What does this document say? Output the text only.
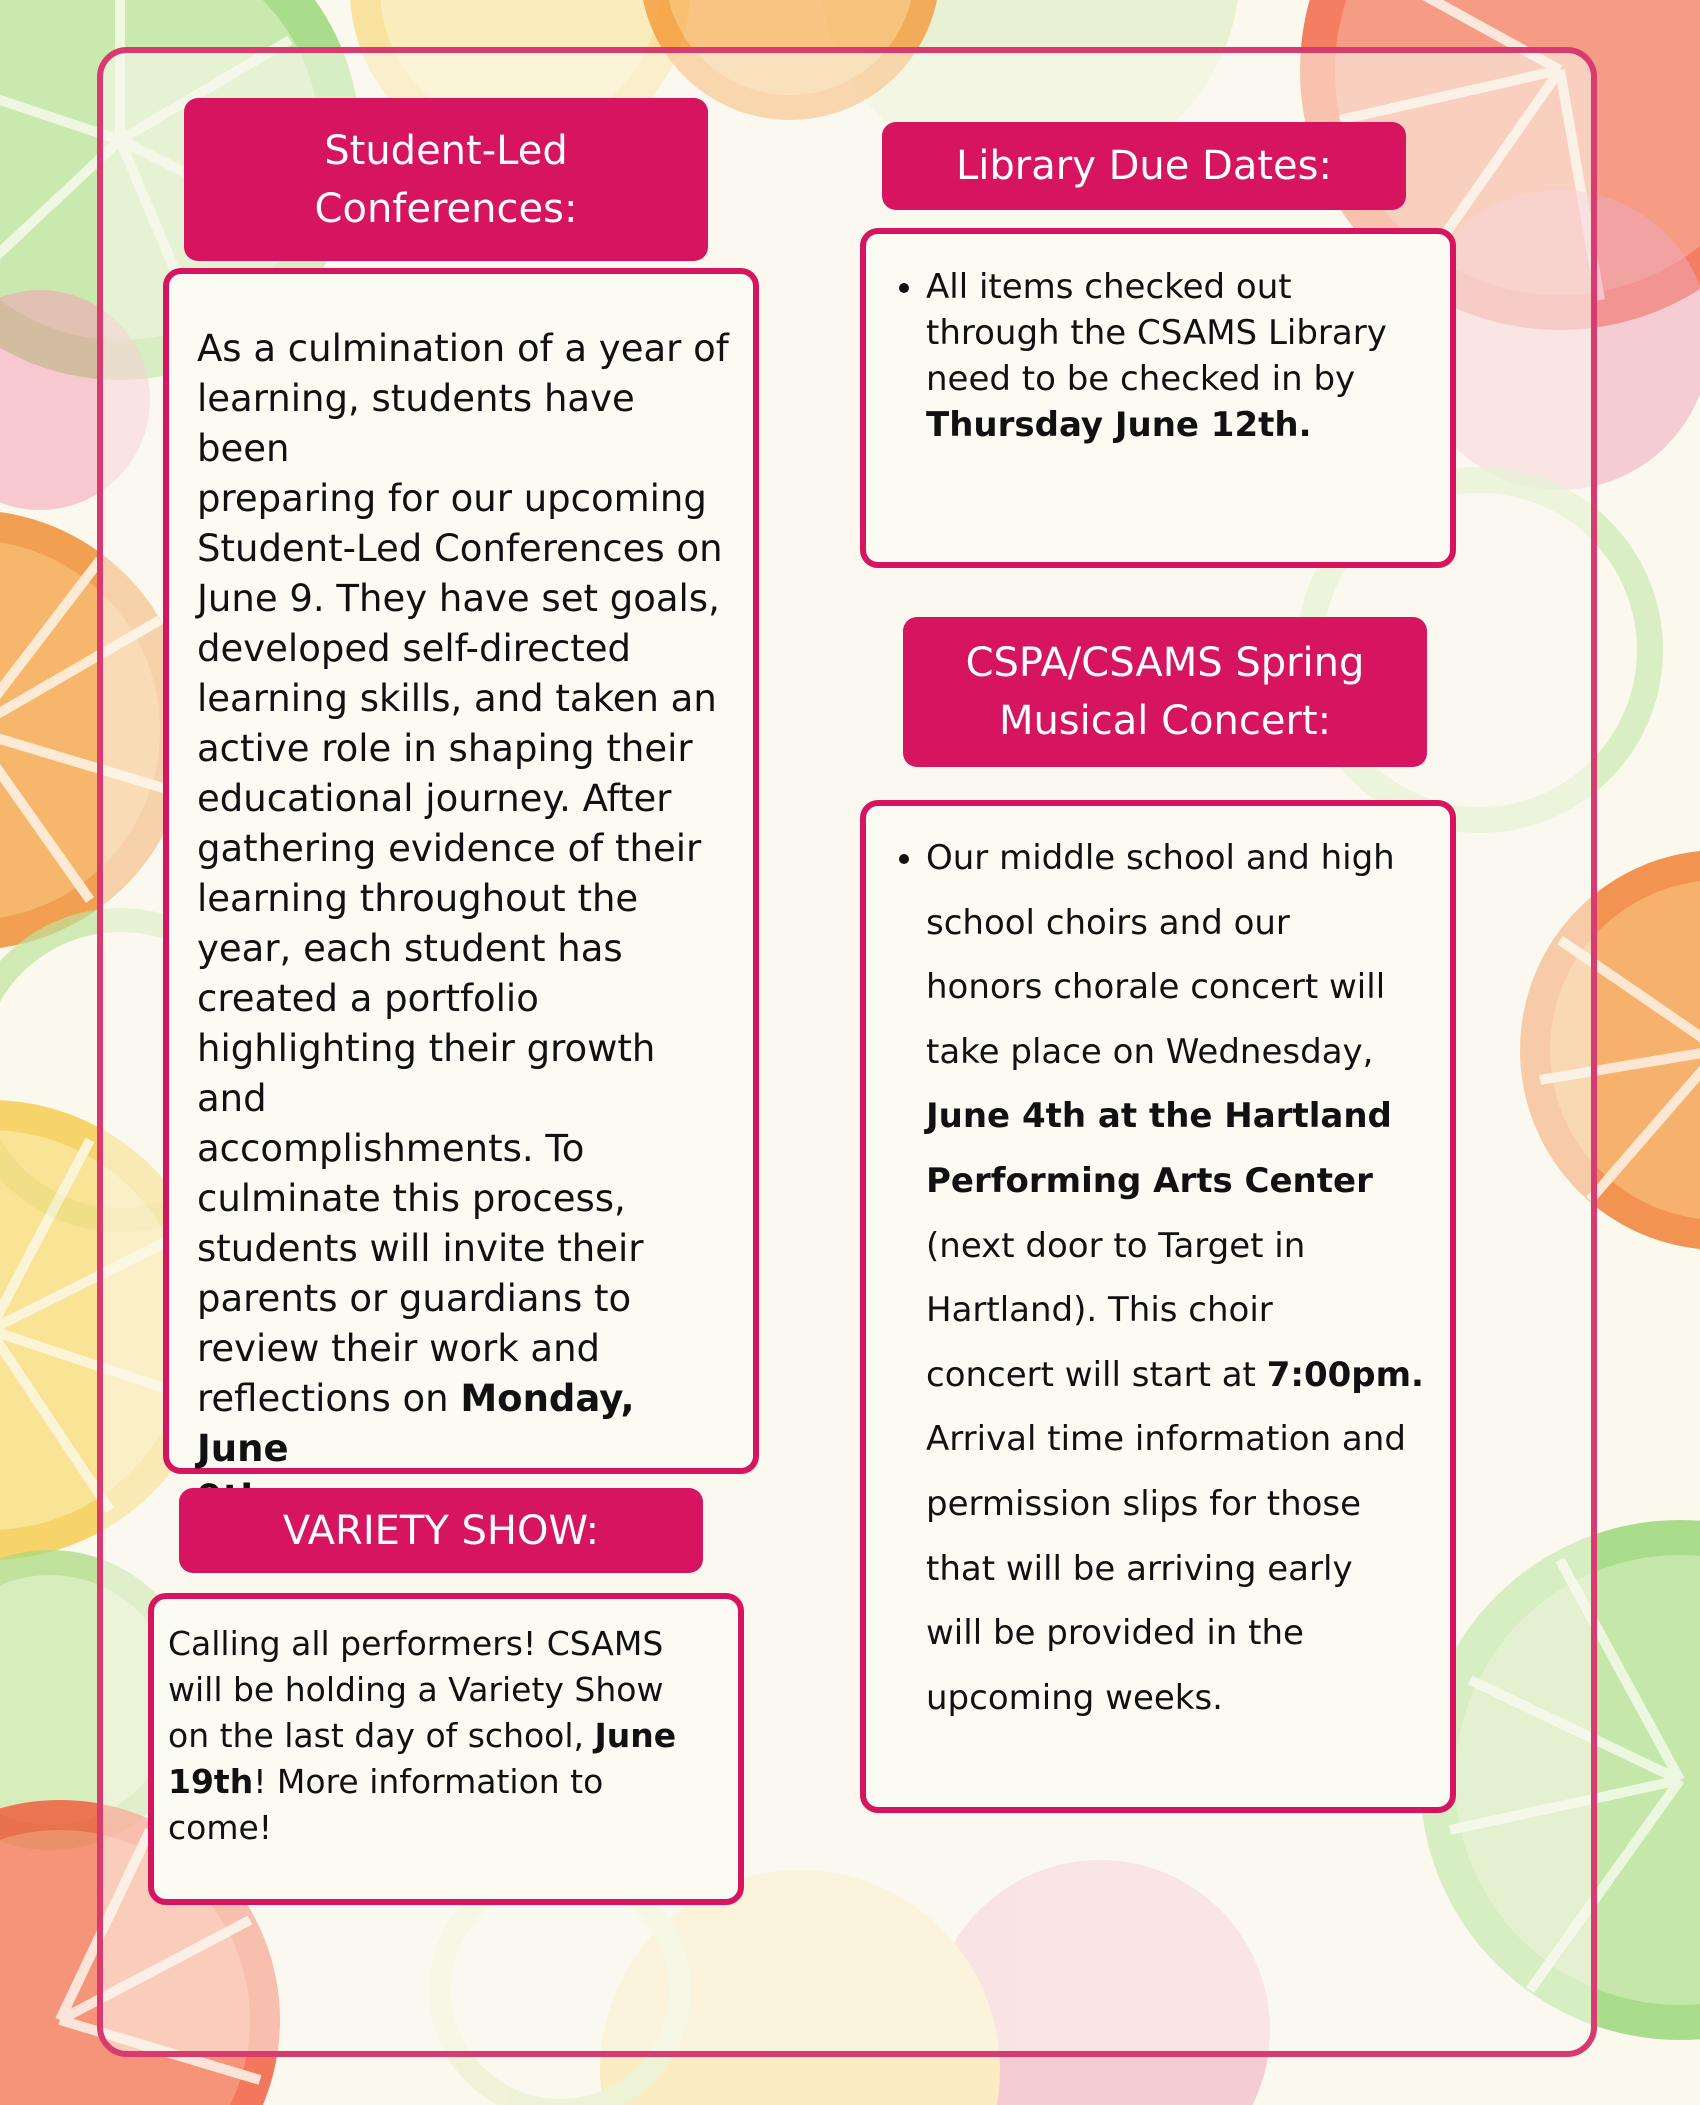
Student-Led
Conferences:

As a culmination of a year of

learning, students have been

preparing for our upcoming

Student-Led Conferences on

June 9. They have set goals,

developed self-directed

learning skills, and taken an

active role in shaping their

educational journey. After

gathering evidence of their

learning throughout the

year, each student has

created a portfolio

highlighting their growth and

accomplishments. To

culminate this process,

students will invite their

parents or guardians to

review their work and

reflections on Monday, June

VARIETY SHOW:

Calling all performers! CSAMS

will be holding a Variety Show

on the last day of school, June

19th! More information to

come!

Library Due Dates:
• All items checked out
through the CSAMS Library
need to be checked in by
Thursday June 12th.
CSPA/CSAMS Spring
Musical Concert:
• Our middle school and high
school choirs and our
honors chorale concert will
take place on Wednesday,
June 4th at the Hartland
Performing Arts Center
(next door to Target in
Hartland). This choir
concert will start at 7:00pm.
Arrival time information and
permission slips for those
that will be arriving early
will be provided in the
upcoming weeks.
